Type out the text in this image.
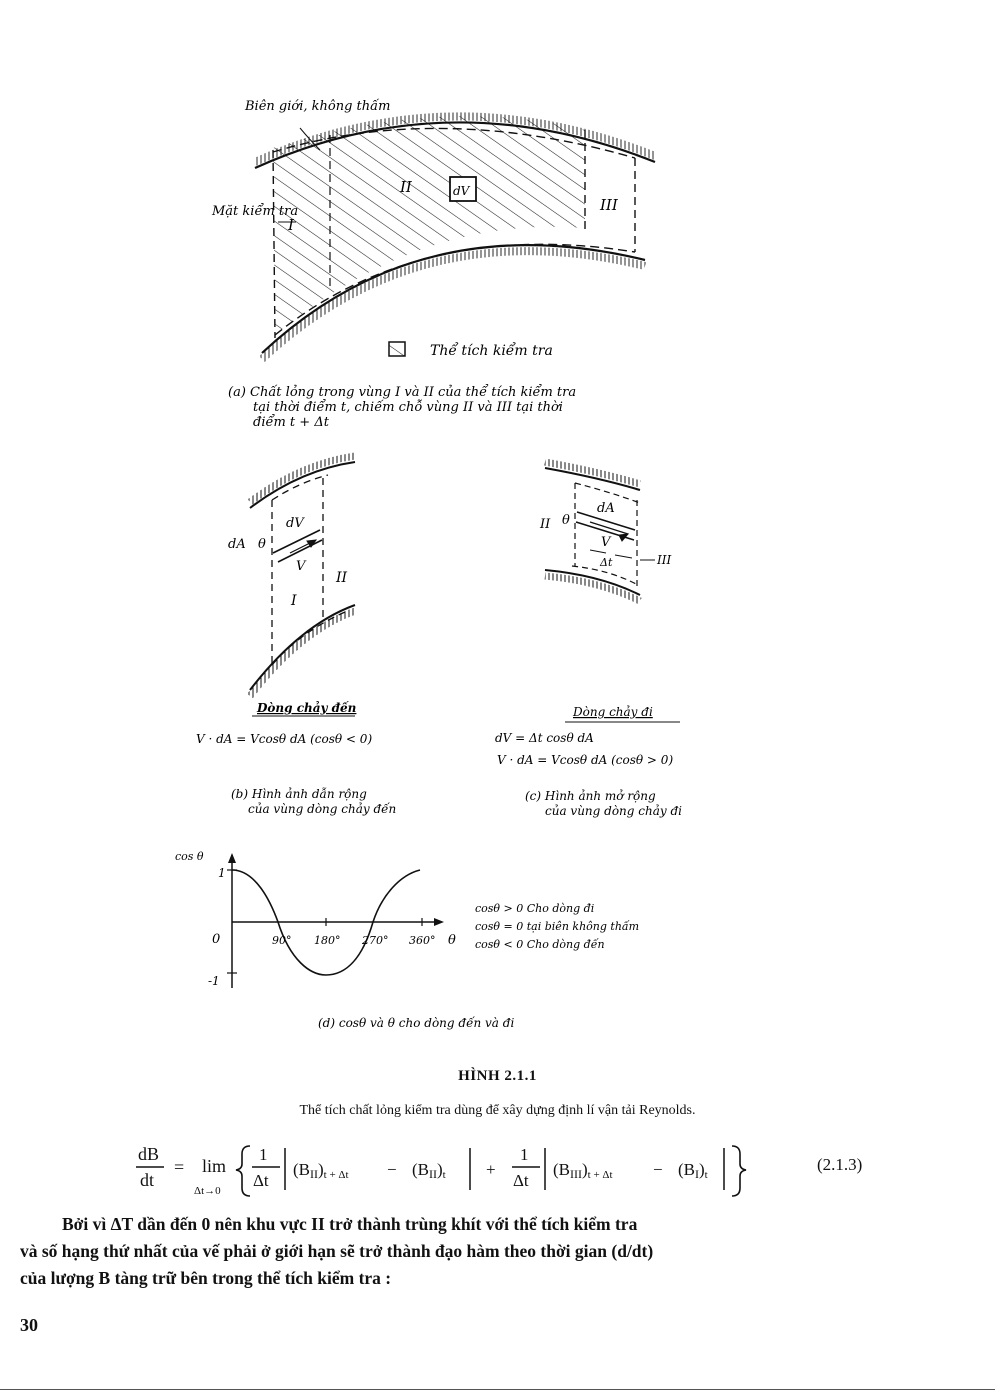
Biên giới, không thấm
Mặt kiểm tra
I
II
III
dV
Thể tích kiểm tra
(a) Chất lỏng trong vùng I và II của thể tích kiểm tra
tại thời điểm t, chiếm chỗ vùng II và III tại thời
điểm t + Δt
dA θ
dV
V
I
II
Dòng chảy đến
V · dA = Vcosθ dA (cosθ < 0)
(b) Hình ảnh dẫn rộng
của vùng dòng chảy đến
II θ
dA
V
Δt	III
Dòng chảy đi
dV = Δt cosθ dA
V · dA = Vcosθ dA (cosθ > 0)
(c) Hình ảnh mở rộng
của vùng dòng chảy đi
cos θ
1
0
-1
90° 180° 270° 360° θ
cosθ > 0 Cho dòng đi
cosθ = 0 tại biên không thấm
cosθ < 0 Cho dòng đến
(d) cosθ và θ cho dòng đến và đi
HÌNH 2.1.1
Thể tích chất lỏng kiểm tra dùng để xây dựng định lí vận tải Reynolds.
dB
dt
= lim
Δt→0
1
Δt
(BII)t + Δt − (BII)t +
1
Δt
(BIII)t + Δt − (BI)t
(2.1.3)
Bởi vì ΔT dần đến 0 nên khu vực II trở thành trùng khít với thể tích kiểm tra
và số hạng thứ nhất của vế phải ở giới hạn sẽ trở thành đạo hàm theo thời gian (d/dt)
của lượng B tàng trữ bên trong thể tích kiểm tra :
30
